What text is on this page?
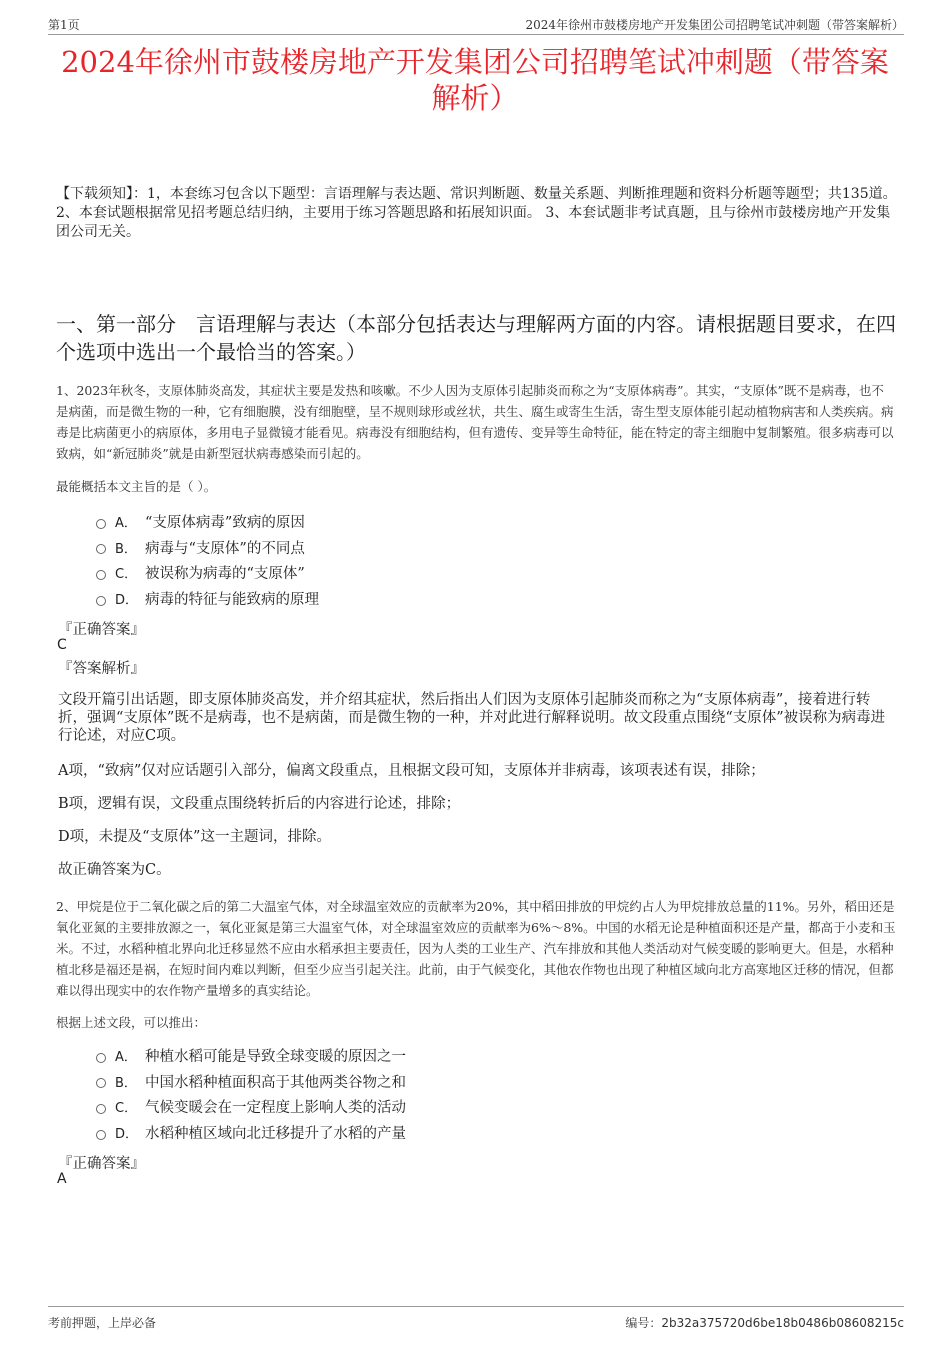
第1页	2024年徐州市鼓楼房地产开发集团公司招聘笔试冲刺题（带答案解析）
2024年徐州市鼓楼房地产开发集团公司招聘笔试冲刺题（带答案解析）

【下载须知】：1，本套练习包含以下题型：言语理解与表达题、常识判断题、数量关系题、判断推理题和资料分析题等题型；共135道。 2、本套试题根据常见招考题总结归纳，主要用于练习答题思路和拓展知识面。 3、本套试题非考试真题，且与徐州市鼓楼房地产开发集团公司无关。

一、第一部分　言语理解与表达（本部分包括表达与理解两方面的内容。请根据题目要求，在四个选项中选出一个最恰当的答案。）

1、2023年秋冬，支原体肺炎高发，其症状主要是发热和咳嗽。不少人因为支原体引起肺炎而称之为“支原体病毒”。其实，“支原体”既不是病毒，也不是病菌，而是微生物的一种，它有细胞膜，没有细胞壁，呈不规则球形或丝状，共生、腐生或寄生生活，寄生型支原体能引起动植物病害和人类疾病。病毒是比病菌更小的病原体，多用电子显微镜才能看见。病毒没有细胞结构，但有遗传、变异等生命特征，能在特定的寄主细胞中复制繁殖。很多病毒可以致病，如“新冠肺炎”就是由新型冠状病毒感染而引起的。

最能概括本文主旨的是（ ）。

A． “支原体病毒”致病的原因
B． 病毒与“支原体”的不同点
C． 被误称为病毒的“支原体”
D． 病毒的特征与能致病的原理

『正确答案』

C

『答案解析』

文段开篇引出话题，即支原体肺炎高发，并介绍其症状，然后指出人们因为支原体引起肺炎而称之为“支原体病毒”，接着进行转折，强调“支原体”既不是病毒，也不是病菌，而是微生物的一种，并对此进行解释说明。故文段重点围绕“支原体”被误称为病毒进行论述，对应C项。

A项，“致病”仅对应话题引入部分，偏离文段重点，且根据文段可知，支原体并非病毒，该项表述有误，排除；

B项，逻辑有误，文段重点围绕转折后的内容进行论述，排除；

D项，未提及“支原体”这一主题词，排除。

故正确答案为C。

2、甲烷是位于二氧化碳之后的第二大温室气体，对全球温室效应的贡献率为20%，其中稻田排放的甲烷约占人为甲烷排放总量的11%。另外，稻田还是氧化亚氮的主要排放源之一，氧化亚氮是第三大温室气体，对全球温室效应的贡献率为6%～8%。中国的水稻无论是种植面积还是产量，都高于小麦和玉米。不过，水稻种植北界向北迁移显然不应由水稻承担主要责任，因为人类的工业生产、汽车排放和其他人类活动对气候变暖的影响更大。但是，水稻种植北移是福还是祸，在短时间内难以判断，但至少应当引起关注。此前，由于气候变化，其他农作物也出现了种植区域向北方高寒地区迁移的情况，但都难以得出现实中的农作物产量增多的真实结论。

根据上述文段，可以推出：

A． 种植水稻可能是导致全球变暖的原因之一
B． 中国水稻种植面积高于其他两类谷物之和
C． 气候变暖会在一定程度上影响人类的活动
D． 水稻种植区域向北迁移提升了水稻的产量

『正确答案』

A

考前押题，上岸必备	编号：2b32a375720d6be18b0486b08608215c
